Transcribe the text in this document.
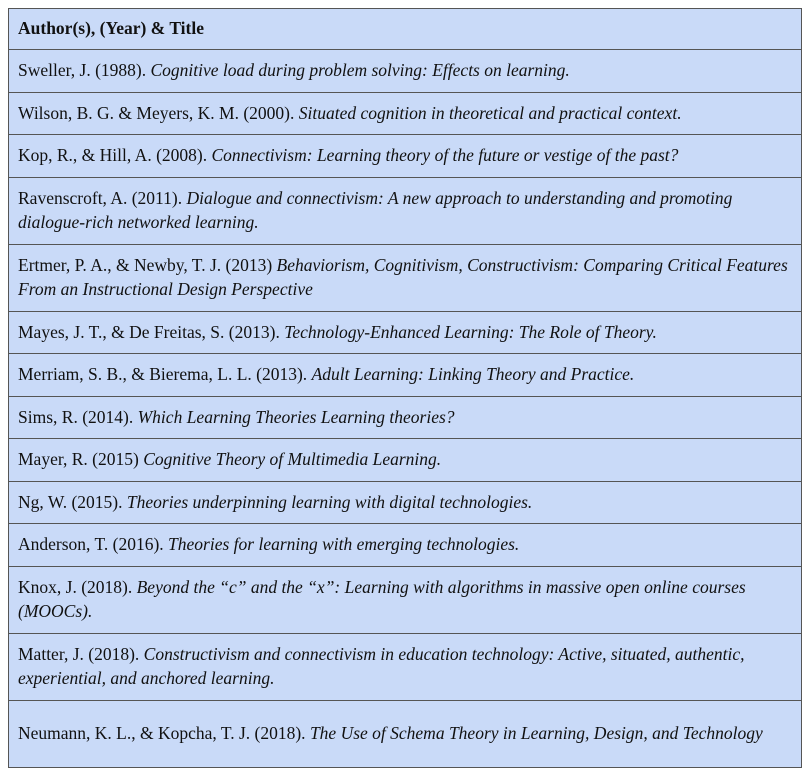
Author(s), (Year) & Title
Sweller, J. (1988). Cognitive load during problem solving: Effects on learning.
Wilson, B. G. & Meyers, K. M. (2000). Situated cognition in theoretical and practical context.
Kop, R., & Hill, A. (2008). Connectivism: Learning theory of the future or vestige of the past?
Ravenscroft, A. (2011). Dialogue and connectivism: A new approach to understanding and promoting dialogue-rich networked learning.
Ertmer, P. A., & Newby, T. J. (2013) Behaviorism, Cognitivism, Constructivism: Comparing Critical Features From an Instructional Design Perspective
Mayes, J. T., & De Freitas, S. (2013). Technology-Enhanced Learning: The Role of Theory.
Merriam, S. B., & Bierema, L. L. (2013). Adult Learning: Linking Theory and Practice.
Sims, R. (2014). Which Learning Theories Learning theories?
Mayer, R. (2015) Cognitive Theory of Multimedia Learning.
Ng, W. (2015). Theories underpinning learning with digital technologies.
Anderson, T. (2016). Theories for learning with emerging technologies.
Knox, J. (2018). Beyond the “c” and the “x”: Learning with algorithms in massive open online courses (MOOCs).
Matter, J. (2018). Constructivism and connectivism in education technology: Active, situated, authentic, experiential, and anchored learning.
Neumann, K. L., & Kopcha, T. J. (2018). The Use of Schema Theory in Learning, Design, and Technology
